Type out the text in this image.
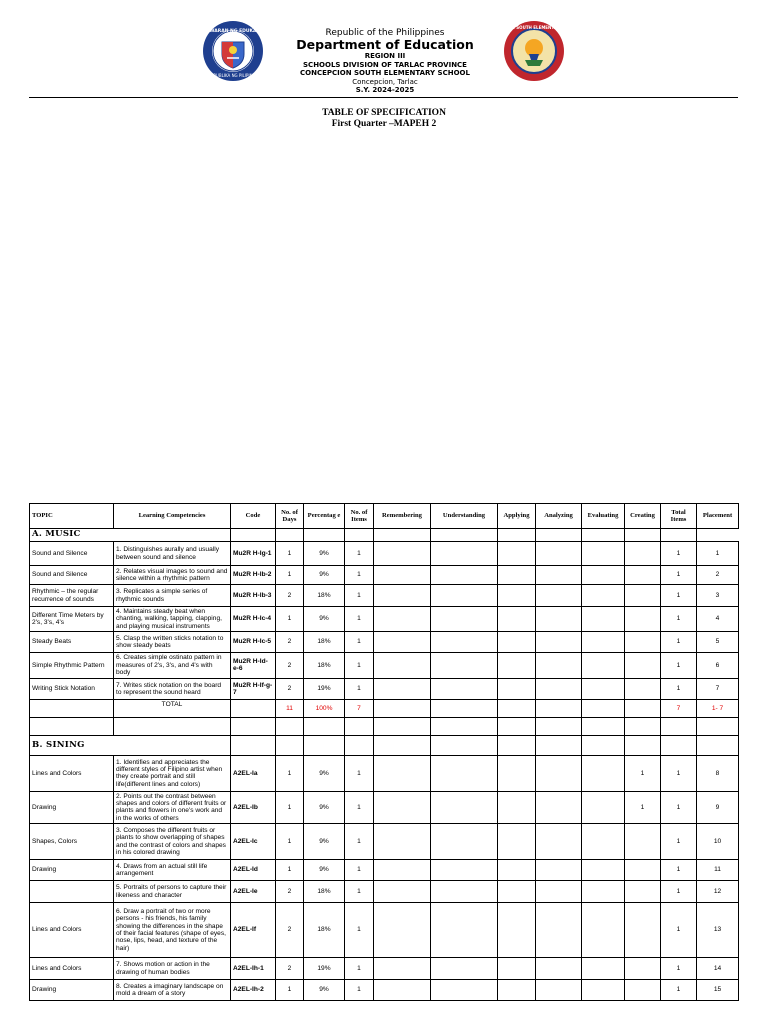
KAGAWARAN NG EDUKASYON
REPUBLIKA NG PILIPINAS
Republic of the Philippines
Department of Education
REGION III
SCHOOLS DIVISION OF TARLAC PROVINCE
CONCEPCION SOUTH ELEMENTARY SCHOOL
Concepcion, Tarlac
S.Y. 2024-2025
CONCEPCION SOUTH ELEMENTARY SCHOOL
TABLE OF SPECIFICATION
First Quarter –MAPEH 2
TOPIC	Learning Competencies	Code	No. of Days	Percentag e	No. of Items	Remembering	Understanding	Applying	Analyzing	Evaluating	Creating	Total Items	Placement
A. MUSIC													
Sound and Silence	1. Distinguishes aurally and usually between sound and silence	Mu2R H-Ig-1	1	9%	1							1	1
Sound and Silence	2. Relates visual images to sound and silence within a rhythmic pattern	Mu2R H-Ib-2	1	9%	1							1	2
Rhythmic – the regular recurrence of sounds	3. Replicates a simple series of rhythmic sounds	Mu2R H-Ib-3	2	18%	1							1	3
Different Time Meters by 2's, 3's, 4's	4. Maintains steady beat when chanting, walking, tapping, clapping, and playing musical instruments	Mu2R H-Ic-4	1	9%	1							1	4
Steady Beats	5. Clasp the written sticks notation to show steady beats	Mu2R H-Ic-5	2	18%	1							1	5
Simple Rhythmic Pattern	6. Creates simple ostinato pattern in measures of 2's, 3's, and 4's with body	Mu2R H-Id-e-6	2	18%	1							1	6
Writing Stick Notation	7. Writes stick notation on the board to represent the sound heard	Mu2R H-If-g-7	2	19%	1							1	7
	TOTAL		11	100%	7							7	1- 7

B. SINING													
Lines and Colors	1. Identifies and appreciates the different styles of Filipino artist when they create portrait and still life(different lines and colors)	A2EL-Ia	1	9%	1						1	1	8
Drawing	2. Points out the contrast between shapes and colors of different fruits or plants and flowers in one's work and in the works of others	A2EL-Ib	1	9%	1						1	1	9
Shapes, Colors	3. Composes the different fruits or plants to show overlapping of shapes and the contrast of colors and shapes in his colored drawing	A2EL-Ic	1	9%	1							1	10
Drawing	4. Draws from an actual still life arrangement	A2EL-Id	1	9%	1							1	11
	5. Portraits of persons to capture their likeness and character	A2EL-Ie	2	18%	1							1	12
Lines and Colors	6. Draw a portrait of two or more persons - his friends, his family showing the differences in the shape of their facial features (shape of eyes, nose, lips, head, and texture of the hair)	A2EL-If	2	18%	1							1	13
Lines and Colors	7. Shows motion or action in the drawing of human bodies	A2EL-Ih-1	2	19%	1							1	14
Drawing	8. Creates a imaginary landscape on mold a dream of a story	A2EL-Ih-2	1	9%	1							1	15
